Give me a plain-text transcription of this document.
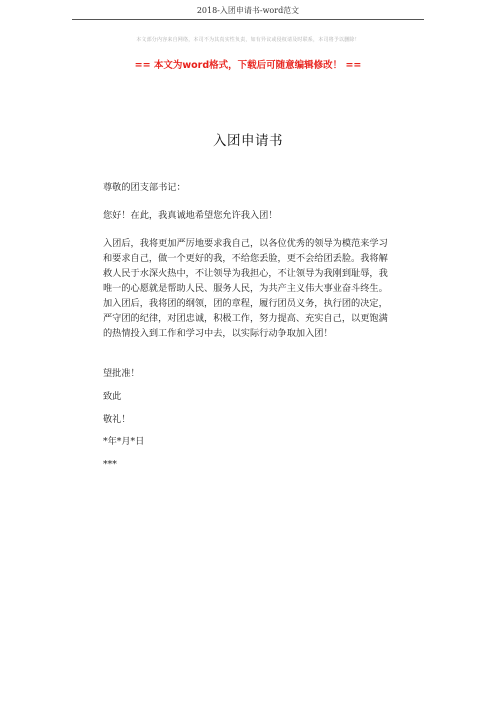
2018-入团申请书-word范文
本文部分内容来自网络，本司不为其真实性负责，如有异议或侵权请及时联系，本司将予以删除！
== 本文为word格式，下载后可随意编辑修改！ ==
入团申请书

尊敬的团支部书记：

您好！在此，我真诚地希望您允许我入团！

入团后，我将更加严厉地要求我自己，以各位优秀的领导为模范来学习和要求自己，做一个更好的我，不给您丢脸，更不会给团丢脸。我将解救人民于水深火热中，不让领导为我担心，不让领导为我刚到耻辱，我唯一的心愿就是帮助人民、服务人民，为共产主义伟大事业奋斗终生。加入团后，我将团的纲领，团的章程，履行团员义务，执行团的决定，严守团的纪律，对团忠诚，积极工作，努力提高、充实自己，以更饱满的热情投入到工作和学习中去，以实际行动争取加入团！

望批准！

致此

敬礼！

*年*月*日

***
